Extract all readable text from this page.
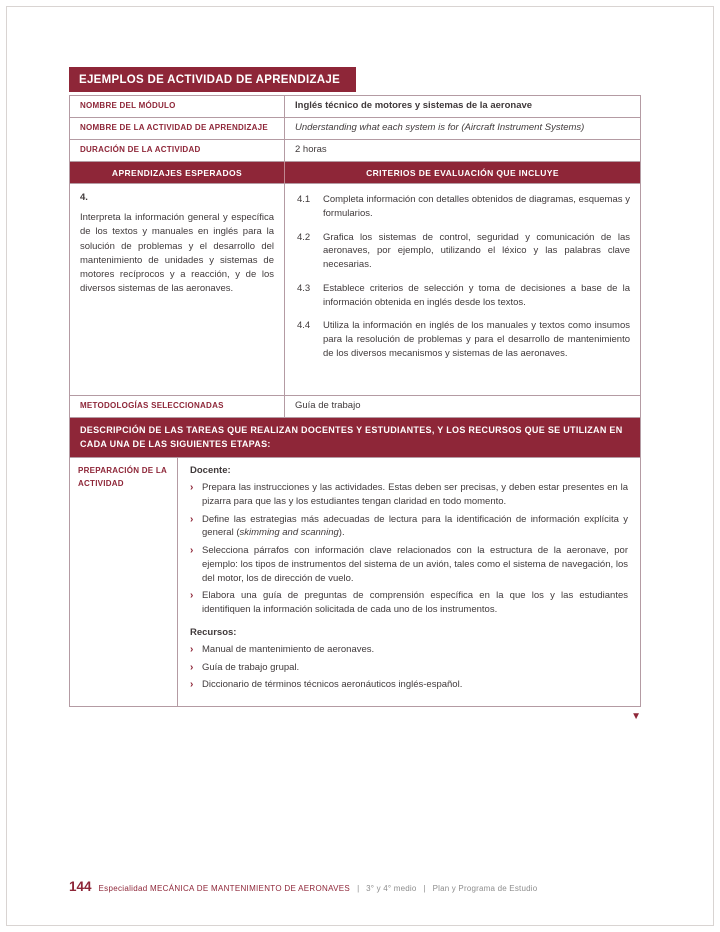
EJEMPLOS DE ACTIVIDAD DE APRENDIZAJE
NOMBRE DEL MÓDULO	Inglés técnico de motores y sistemas de la aeronave
NOMBRE DE LA ACTIVIDAD DE APRENDIZAJE	Understanding what each system is for (Aircraft Instrument Systems)
DURACIÓN DE LA ACTIVIDAD	2 horas
APRENDIZAJES ESPERADOS	CRITERIOS DE EVALUACIÓN QUE INCLUYE
4.
Interpreta la información general y específica de los textos y manuales en inglés para la solución de problemas y el desarrollo del mantenimiento de unidades y sistemas de motores recíprocos y a reacción, y de los diversos sistemas de las aeronaves.
4.1	Completa información con detalles obtenidos de diagramas, esquemas y formularios.
4.2	Grafica los sistemas de control, seguridad y comunicación de las aeronaves, por ejemplo, utilizando el léxico y las palabras clave necesarias.
4.3	Establece criterios de selección y toma de decisiones a base de la información obtenida en inglés desde los textos.
4.4	Utiliza la información en inglés de los manuales y textos como insumos para la resolución de problemas y para el desarrollo de mantenimiento de los diversos mecanismos y sistemas de las aeronaves.
METODOLOGÍAS SELECCIONADAS	Guía de trabajo
DESCRIPCIÓN DE LAS TAREAS QUE REALIZAN DOCENTES Y ESTUDIANTES, Y LOS RECURSOS QUE SE UTILIZAN EN CADA UNA DE LAS SIGUIENTES ETAPAS:
PREPARACIÓN DE LA ACTIVIDAD
Docente:
› Prepara las instrucciones y las actividades. Estas deben ser precisas, y deben estar presentes en la pizarra para que las y los estudiantes tengan claridad en todo momento.
› Define las estrategias más adecuadas de lectura para la identificación de información explícita y general (skimming and scanning).
› Selecciona párrafos con información clave relacionados con la estructura de la aeronave, por ejemplo: los tipos de instrumentos del sistema de un avión, tales como el sistema de navegación, los del motor, los de dirección de vuelo.
› Elabora una guía de preguntas de comprensión específica en la que los y las estudiantes identifiquen la información solicitada de cada uno de los instrumentos.
Recursos:
› Manual de mantenimiento de aeronaves.
› Guía de trabajo grupal.
› Diccionario de términos técnicos aeronáuticos inglés-español.
▼
144 Especialidad MECÁNICA DE MANTENIMIENTO DE AERONAVES | 3° y 4° medio | Plan y Programa de Estudio
